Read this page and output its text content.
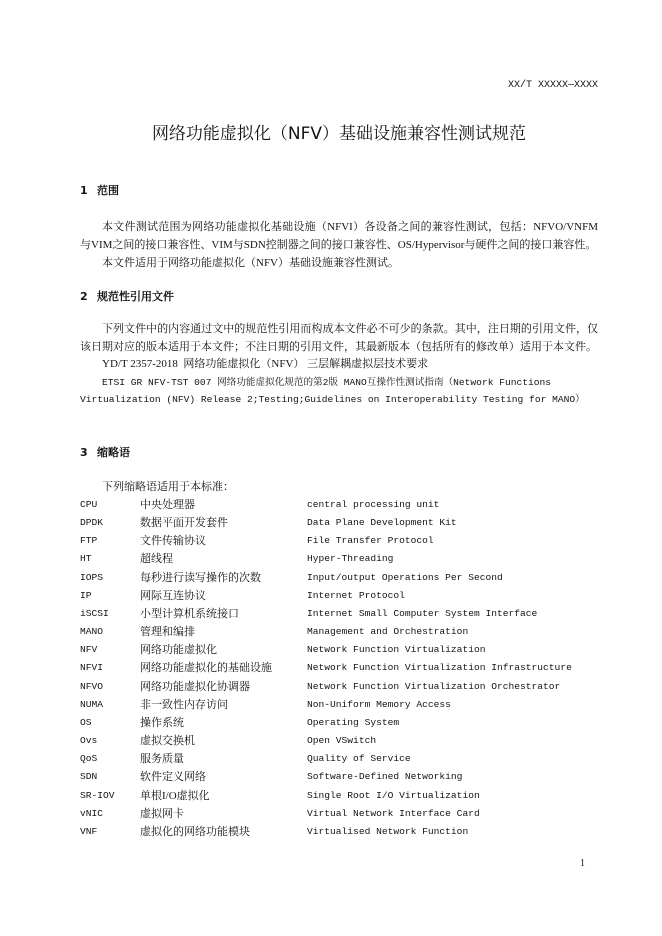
XX/T XXXXX—XXXX
网络功能虚拟化（NFV）基础设施兼容性测试规范
1 范围

本文件测试范围为网络功能虚拟化基础设施（NFVI）各设备之间的兼容性测试，包括：NFVO/VNFM与VIM之间的接口兼容性、VIM与SDN控制器之间的接口兼容性、OS/Hypervisor与硬件之间的接口兼容性。

本文件适用于网络功能虚拟化（NFV）基础设施兼容性测试。

2 规范性引用文件

下列文件中的内容通过文中的规范性引用而构成本文件必不可少的条款。其中，注日期的引用文件，仅该日期对应的版本适用于本文件；不注日期的引用文件，其最新版本（包括所有的修改单）适用于本文件。

YD/T 2357-2018  网络功能虚拟化（NFV） 三层解耦虚拟层技术要求

ETSI GR NFV-TST 007 网络功能虚拟化规范的第2版 MANO互操作性测试指南（Network Functions Virtualization (NFV) Release 2;Testing;Guidelines on Interoperability Testing for MANO）

3 缩略语
下列缩略语适用于本标准：
CPU	中央处理器	central processing unit
DPDK	数据平面开发套件	Data Plane Development Kit
FTP	文件传输协议	File Transfer Protocol
HT	超线程	Hyper-Threading
IOPS	每秒进行读写操作的次数	Input/output Operations Per Second
IP	网际互连协议	Internet Protocol
iSCSI	小型计算机系统接口	Internet Small Computer System Interface
MANO	管理和编排	Management and Orchestration
NFV	网络功能虚拟化	Network Function Virtualization
NFVI	网络功能虚拟化的基础设施	Network Function Virtualization Infrastructure
NFVO	网络功能虚拟化协调器	Network Function Virtualization Orchestrator
NUMA	非一致性内存访问	Non-Uniform Memory Access
OS	操作系统	Operating System
Ovs	虚拟交换机	Open VSwitch
QoS	服务质量	Quality of Service
SDN	软件定义网络	Software-Defined Networking
SR-IOV 单根I/O虚拟化	Single Root I/O Virtualization
vNIC	虚拟网卡	Virtual Network Interface Card
VNF	虚拟化的网络功能模块	Virtualised Network Function
1
